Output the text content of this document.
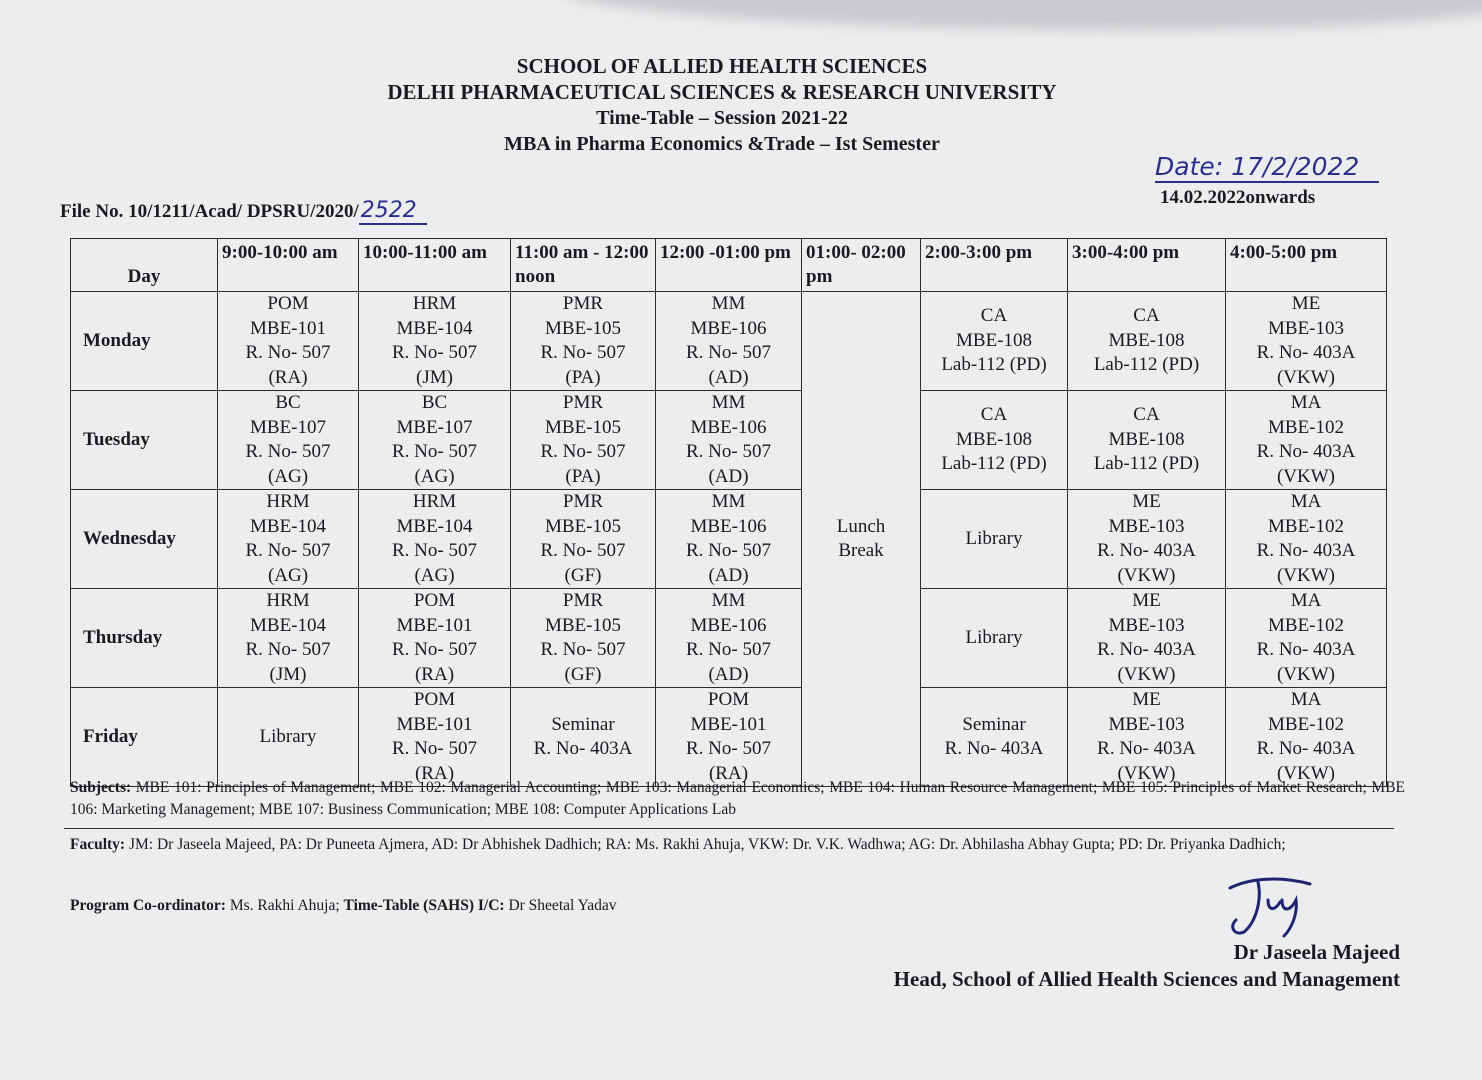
SCHOOL OF ALLIED HEALTH SCIENCES
DELHI PHARMACEUTICAL SCIENCES & RESEARCH UNIVERSITY
Time-Table – Session 2021-22
MBA in Pharma Economics &Trade – Ist Semester
Date: 17/2/2022
File No. 10/1211/Acad/ DPSRU/2020/2522
14.02.2022onwards
Day	9:00-10:00 am	10:00-11:00 am	11:00 am - 12:00 noon	12:00 -01:00 pm	01:00- 02:00 pm	2:00-3:00 pm	3:00-4:00 pm	4:00-5:00 pm
Monday	POM
MBE-101
R. No- 507
(RA)	HRM
MBE-104
R. No- 507
(JM)	PMR
MBE-105
R. No- 507
(PA)	MM
MBE-106
R. No- 507
(AD)	Lunch Break	CA
MBE-108
Lab-112 (PD)	CA
MBE-108
Lab-112 (PD)	ME
MBE-103
R. No- 403A
(VKW)

Tuesday	BC
MBE-107
R. No- 507
(AG)	BC
MBE-107
R. No- 507
(AG)	PMR
MBE-105
R. No- 507
(PA)	MM
MBE-106
R. No- 507
(AD)		CA
MBE-108
Lab-112 (PD)	CA
MBE-108
Lab-112 (PD)	MA
MBE-102
R. No- 403A
(VKW)

Wednesday	HRM
MBE-104
R. No- 507
(AG)	HRM
MBE-104
R. No- 507
(AG)	PMR
MBE-105
R. No- 507
(GF)	MM
MBE-106
R. No- 507
(AD)		Library	ME
MBE-103
R. No- 403A
(VKW)	MA
MBE-102
R. No- 403A
(VKW)

Thursday	HRM
MBE-104
R. No- 507
(JM)	POM
MBE-101
R. No- 507
(RA)	PMR
MBE-105
R. No- 507
(GF)	MM
MBE-106
R. No- 507
(AD)		Library	ME
MBE-103
R. No- 403A
(VKW)	MA
MBE-102
R. No- 403A
(VKW)

Friday	Library	POM
MBE-101
R. No- 507
(RA)	Seminar
R. No- 403A	POM
MBE-101
R. No- 507
(RA)		Seminar
R. No- 403A	ME
MBE-103
R. No- 403A
(VKW)	MA
MBE-102
R. No- 403A
(VKW)
Subjects: MBE 101: Principles of Management; MBE 102: Managerial Accounting; MBE 103: Managerial Economics; MBE 104: Human Resource Management; MBE 105: Principles of Market Research; MBE 106: Marketing Management; MBE 107: Business Communication; MBE 108: Computer Applications Lab
Faculty: JM: Dr Jaseela Majeed, PA: Dr Puneeta Ajmera, AD: Dr Abhishek Dadhich; RA: Ms. Rakhi Ahuja, VKW: Dr. V.K. Wadhwa; AG: Dr. Abhilasha Abhay Gupta; PD: Dr. Priyanka Dadhich;
Program Co-ordinator: Ms. Rakhi Ahuja; Time-Table (SAHS) I/C: Dr Sheetal Yadav
Dr Jaseela Majeed
Head, School of Allied Health Sciences and Management
